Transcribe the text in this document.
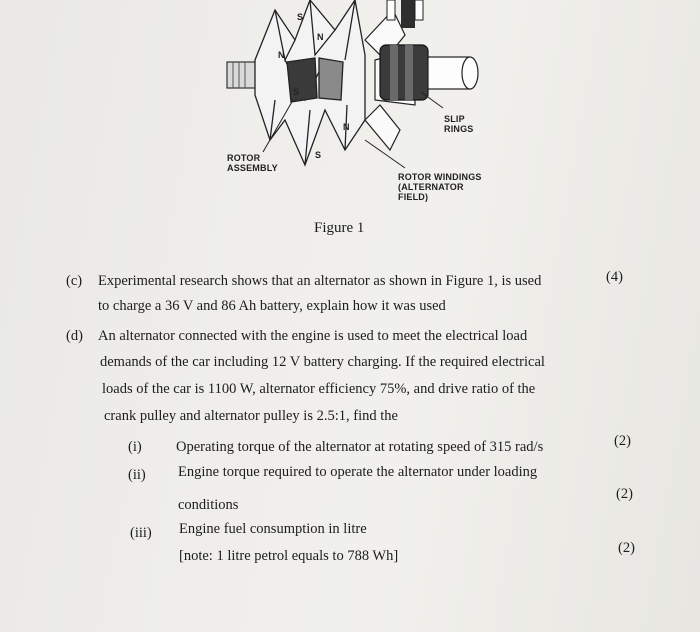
S
N
S
N
S
N
ROTOR
ASSEMBLY
SLIP
RINGS
ROTOR WINDINGS
(ALTERNATOR
FIELD)
Figure 1
(c) Experimental research shows that an alternator as shown in Figure 1, is used
to charge a 36 V and 86 Ah battery, explain how it was used
(4)
(d) An alternator connected with the engine is used to meet the electrical load
demands of the car including 12 V battery charging. If the required electrical
loads of the car is 1100 W, alternator efficiency 75%, and drive ratio of the
crank pulley and alternator pulley is 2.5:1, find the
(i) Operating torque of the alternator at rotating speed of 315 rad/s	(2)
(ii) Engine torque required to operate the alternator under loading
conditions
(2)
(iii) Engine fuel consumption in litre
[note: 1 litre petrol equals to 788 Wh]	(2)
